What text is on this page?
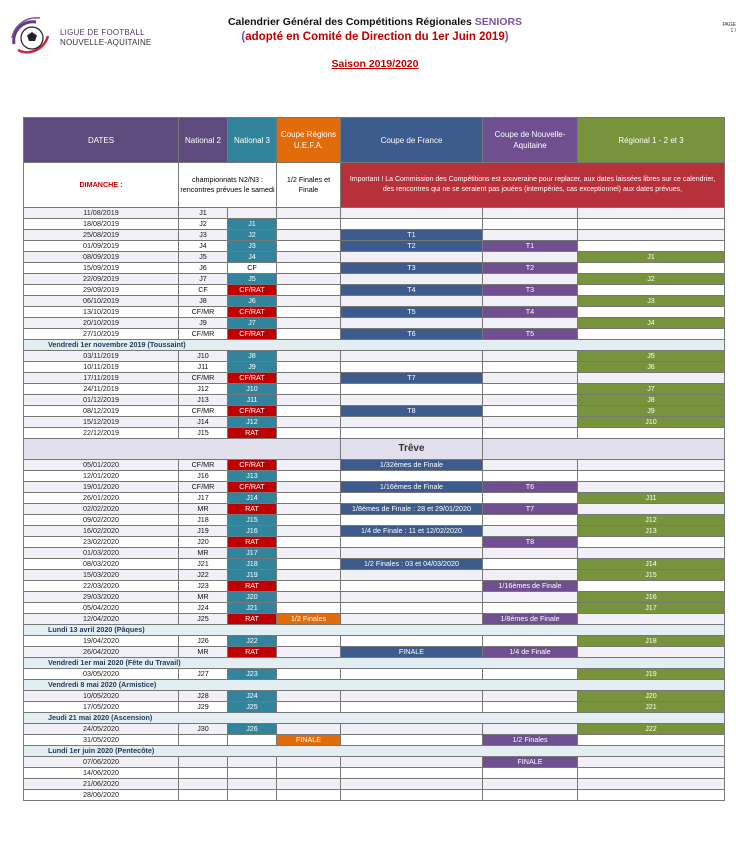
LIGUE DE FOOTBALL
NOUVELLE-AQUITAINE
Calendrier Général des Compétitions Régionales SENIORS
(adopté en Comité de Direction du 1er Juin 2019)
Saison 2019/2020
PAGE
1 /
DATES	National 2	National 3	Coupe Régions U.E.F.A.	Coupe de France	Coupe de Nouvelle-Aquitaine	Régional 1 - 2 et 3
DIMANCHE :	championnats N2/N3 : rencontres prévues le samedi		1/2 Finales et Finale	Important ! La Commission des Compétitions est souveraine pour replacer, aux dates laissées libres sur ce calendrier, des rencontres qui ne se seraient pas jouées (intempéries, cas exceptionnel) aux dates prévues,		
11/08/2019	J1					
18/08/2019	J2	J1				
25/08/2019	J3	J2		T1		
01/09/2019	J4	J3		T2	T1	
08/09/2019	J5	J4				J1
15/09/2019	J6	CF		T3	T2	
22/09/2019	J7	J5				J2
29/09/2019	CF	CF/RAT		T4	T3	
06/10/2019	J8	J6				J3
13/10/2019	CF/MR	CF/RAT		T5	T4	
20/10/2019	J9	J7				J4
27/10/2019	CF/MR	CF/RAT		T6	T5	
Vendredi 1er novembre 2019 (Toussaint)						
03/11/2019	J10	J8				J5
10/11/2019	J11	J9				J6
17/11/2019	CF/MR	CF/RAT		T7		
24/11/2019	J12	J10				J7
01/12/2019	J13	J11				J8
08/12/2019	CF/MR	CF/RAT		T8		J9
15/12/2019	J14	J12				J10
22/12/2019	J15	RAT				
				Trêve		
05/01/2020	CF/MR	CF/RAT		1/32èmes de Finale		
12/01/2020	J16	J13				
19/01/2020	CF/MR	CF/RAT		1/16èmes de Finale	T6	
26/01/2020	J17	J14				J11
02/02/2020	MR	RAT		1/8èmes de Finale : 28 et 29/01/2020	T7	
09/02/2020	J18	J15				J12
16/02/2020	J19	J16		1/4 de Finale : 11 et 12/02/2020		J13
23/02/2020	J20	RAT			T8	
01/03/2020	MR	J17				
08/03/2020	J21	J18		1/2 Finales : 03 et 04/03/2020		J14
15/03/2020	J22	J19				J15
22/03/2020	J23	RAT			1/16èmes de Finale	
29/03/2020	MR	J20				J16
05/04/2020	J24	J21				J17
12/04/2020	J25	RAT	1/2 Finales		1/8èmes de Finale	
Lundi 13 avril 2020 (Pâques)						
19/04/2020	J26	J22				J18
26/04/2020	MR	RAT		FINALE	1/4 de Finale	
Vendredi 1er mai 2020 (Fête du Travail)						
03/05/2020	J27	J23				J19
Vendredi 8 mai 2020 (Armistice)						
10/05/2020	J28	J24				J20
17/05/2020	J29	J25				J21
Jeudi 21 mai 2020 (Ascension)						
24/05/2020	J30	J26				J22
31/05/2020			FINALE		1/2 Finales	
Lundi 1er juin 2020 (Pentecôte)						
07/06/2020					FINALE	
14/06/2020						
21/06/2020						
28/06/2020						
